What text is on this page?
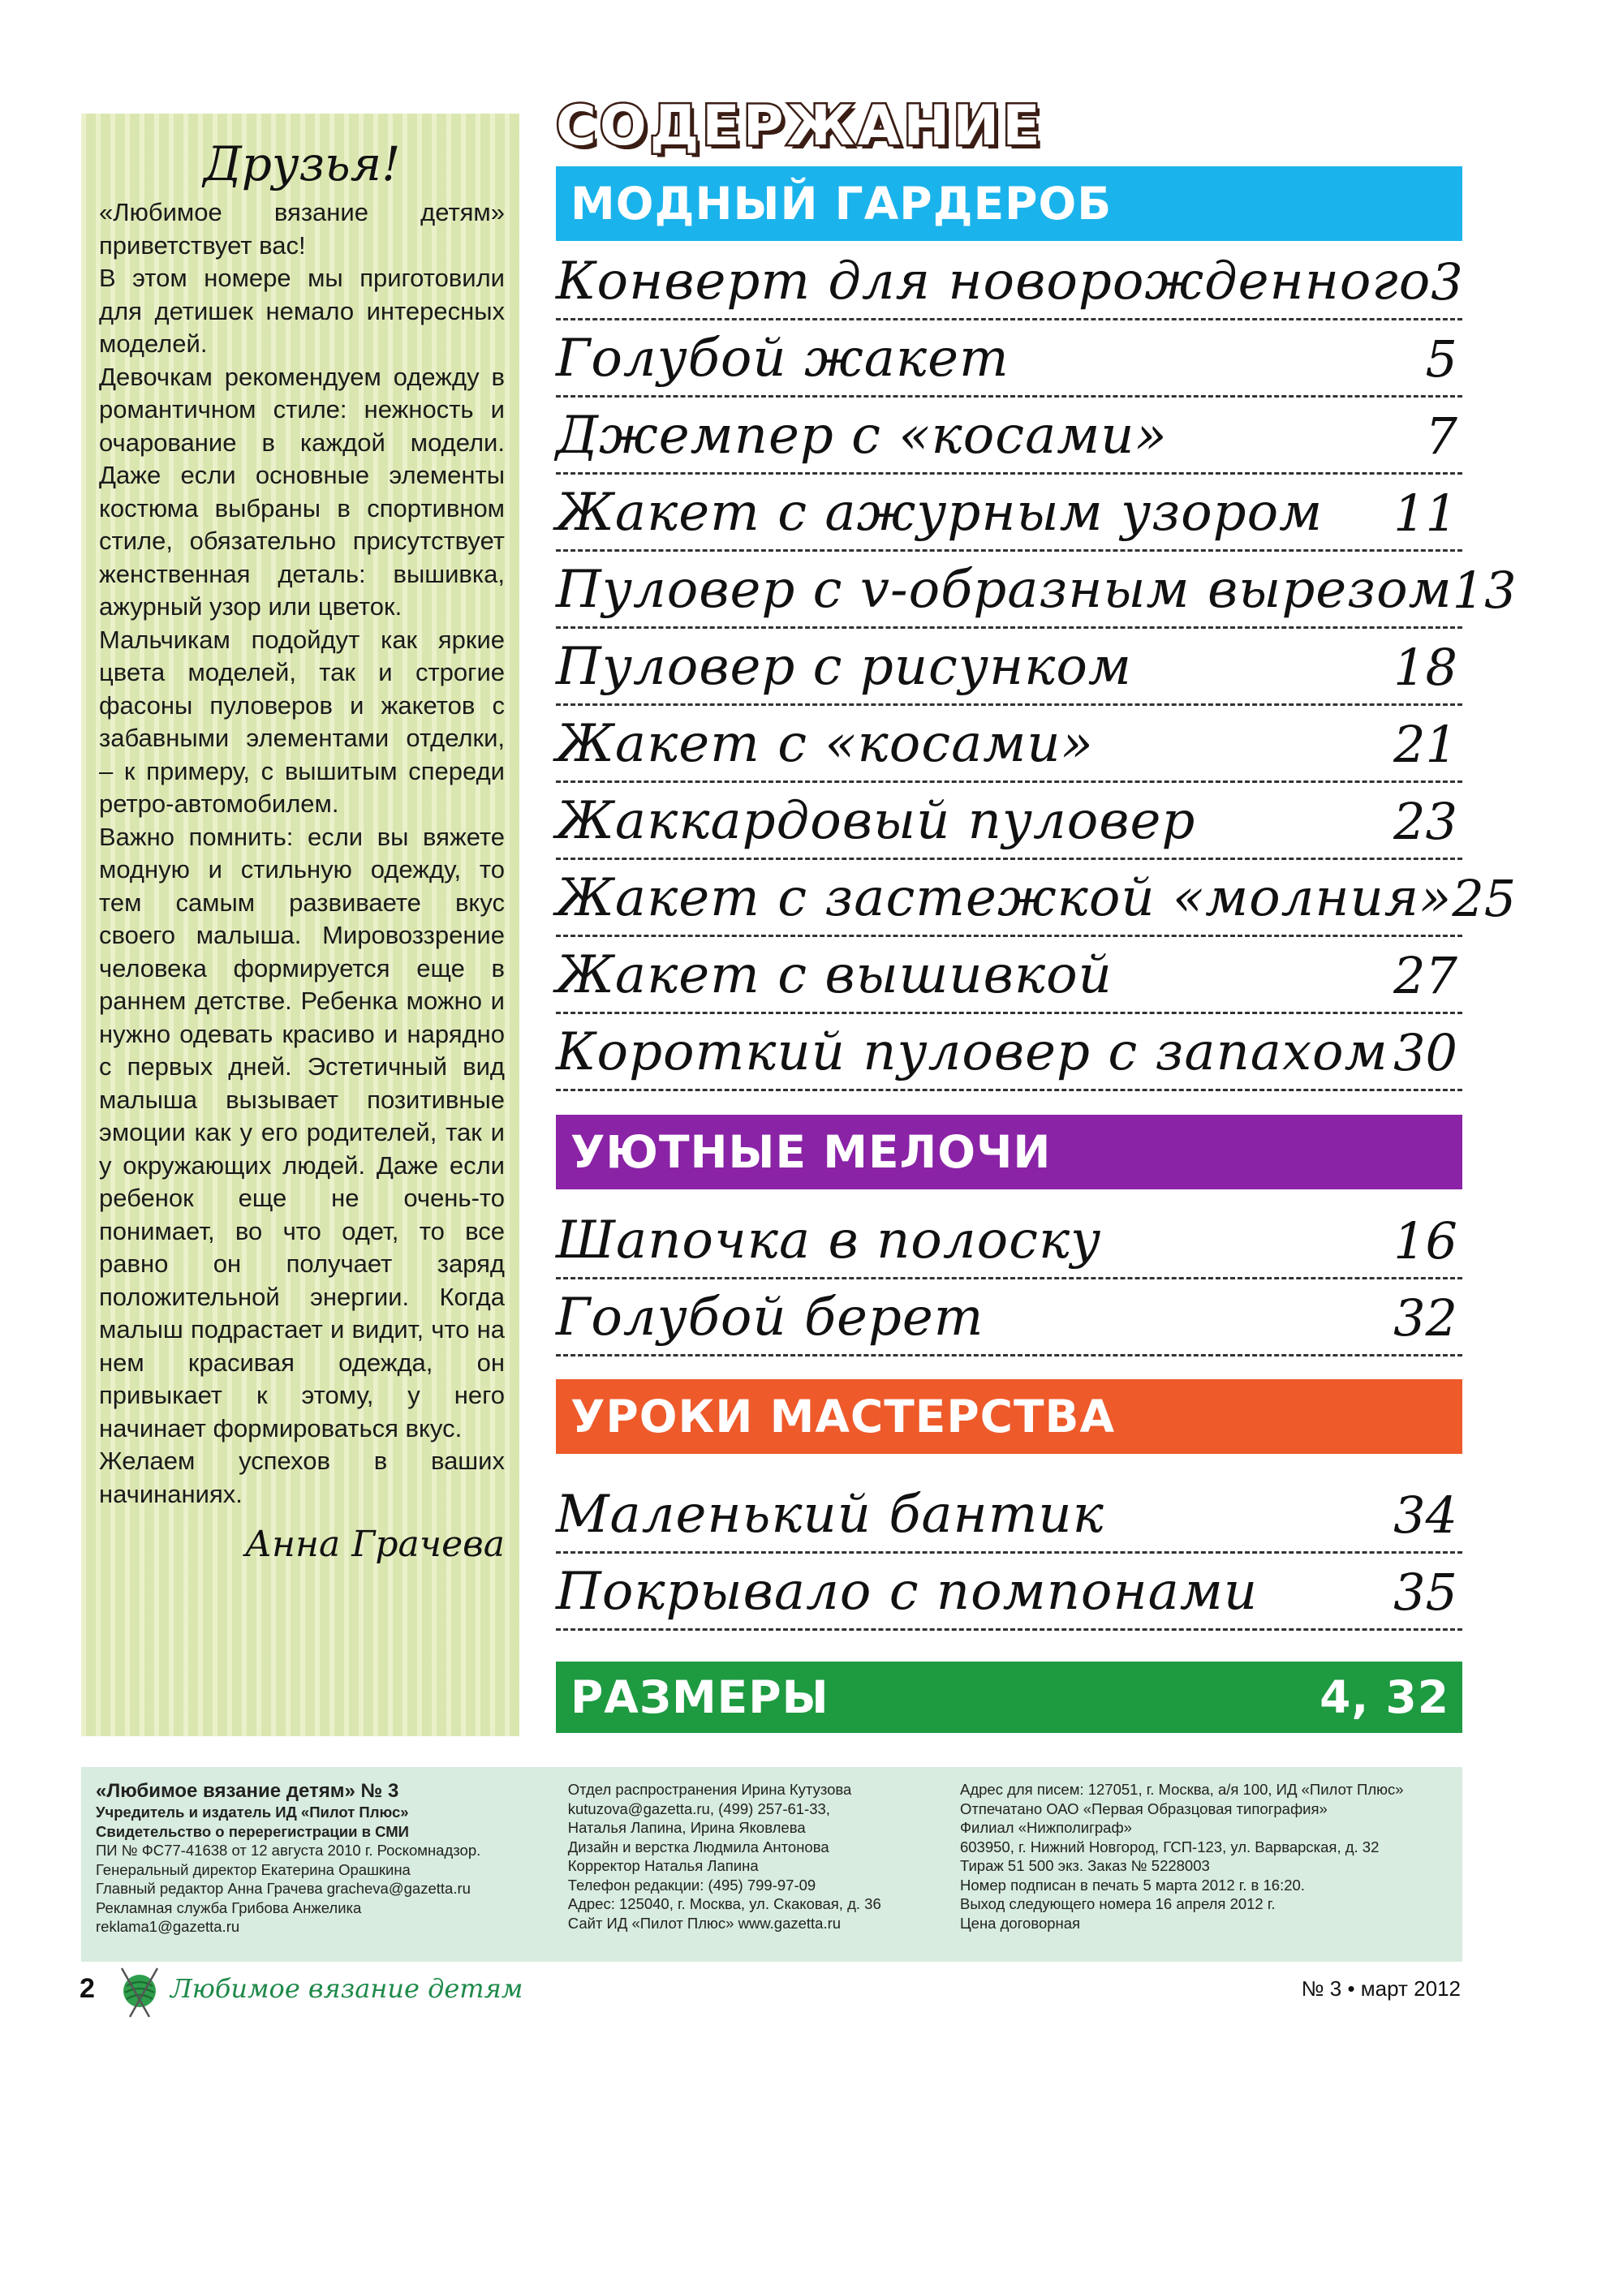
Друзья!

«Любимое вязание детям» приветствует вас!

В этом номере мы приготовили для детишек немало интересных моделей.

Девочкам рекомендуем одежду в романтичном стиле: нежность и очарование в каждой модели. Даже если основные элементы костюма выбраны в спортивном стиле, обязательно присутствует женственная деталь: вышивка, ажурный узор или цветок.

Мальчикам подойдут как яркие цвета моделей, так и строгие фасоны пуловеров и жакетов с забавными элементами отделки, – к примеру, с вышитым спереди ретро-автомобилем.

Важно помнить: если вы вяжете модную и стильную одежду, то тем самым развиваете вкус своего малыша. Мировоззрение человека формируется еще в раннем детстве. Ребенка можно и нужно одевать красиво и нарядно с первых дней. Эстетичный вид малыша вызывает позитивные эмоции как у его родителей, так и у окружающих людей. Даже если ребенок еще не очень-то понимает, во что одет, то все равно он получает заряд положительной энергии. Когда малыш подрастает и видит, что на нем красивая одежда, он привыкает к этому, у него начинает формироваться вкус.

Желаем успехов в ваших начинаниях.

Анна Грачева
СОДЕРЖАНИЕ
МОДНЫЙ ГАРДЕРОБ
Конверт для новорожденного 3
Голубой жакет	5
Джемпер с «косами»	7
Жакет с ажурным узором 11
Пуловер с v-образным вырезом 13
Пуловер с рисунком	18
Жакет с «косами»	21
Жаккардовый пуловер	23
Жакет с застежкой «молния» 25
Жакет с вышивкой	27
Короткий пуловер с запахом 30
УЮТНЫЕ МЕЛОЧИ
Шапочка в полоску	16
Голубой берет	32
УРОКИ МАСТЕРСТВА
Маленький бантик	34
Покрывало с помпонами	35
РАЗМЕРЫ	4, 32
«Любимое вязание детям» № 3
Учредитель и издатель ИД «Пилот Плюс»
Свидетельство о перерегистрации в СМИ
ПИ № ФС77-41638 от 12 августа 2010 г. Роскомнадзор.
Генеральный директор Екатерина Орашкина
Главный редактор Анна Грачева gracheva@gazetta.ru
Рекламная служба Грибова Анжелика
reklama1@gazetta.ru
Отдел распространения Ирина Кутузова
kutuzova@gazetta.ru, (499) 257-61-33,
Наталья Лапина, Ирина Яковлева
Дизайн и верстка Людмила Антонова
Корректор Наталья Лапина
Телефон редакции: (495) 799-97-09
Адрес: 125040, г. Москва, ул. Скаковая, д. 36
Сайт ИД «Пилот Плюс» www.gazetta.ru
Адрес для писем: 127051, г. Москва, а/я 100, ИД «Пилот Плюс»
Отпечатано ОАО «Первая Образцовая типография»
Филиал «Нижполиграф»
603950, г. Нижний Новгород, ГСП-123, ул. Варварская, д. 32
Тираж 51 500 экз. Заказ № 5228003
Номер подписан в печать 5 марта 2012 г. в 16:20.
Выход следующего номера 16 апреля 2012 г.
Цена договорная
2	Любимое вязание детям	№ 3 • март 2012
